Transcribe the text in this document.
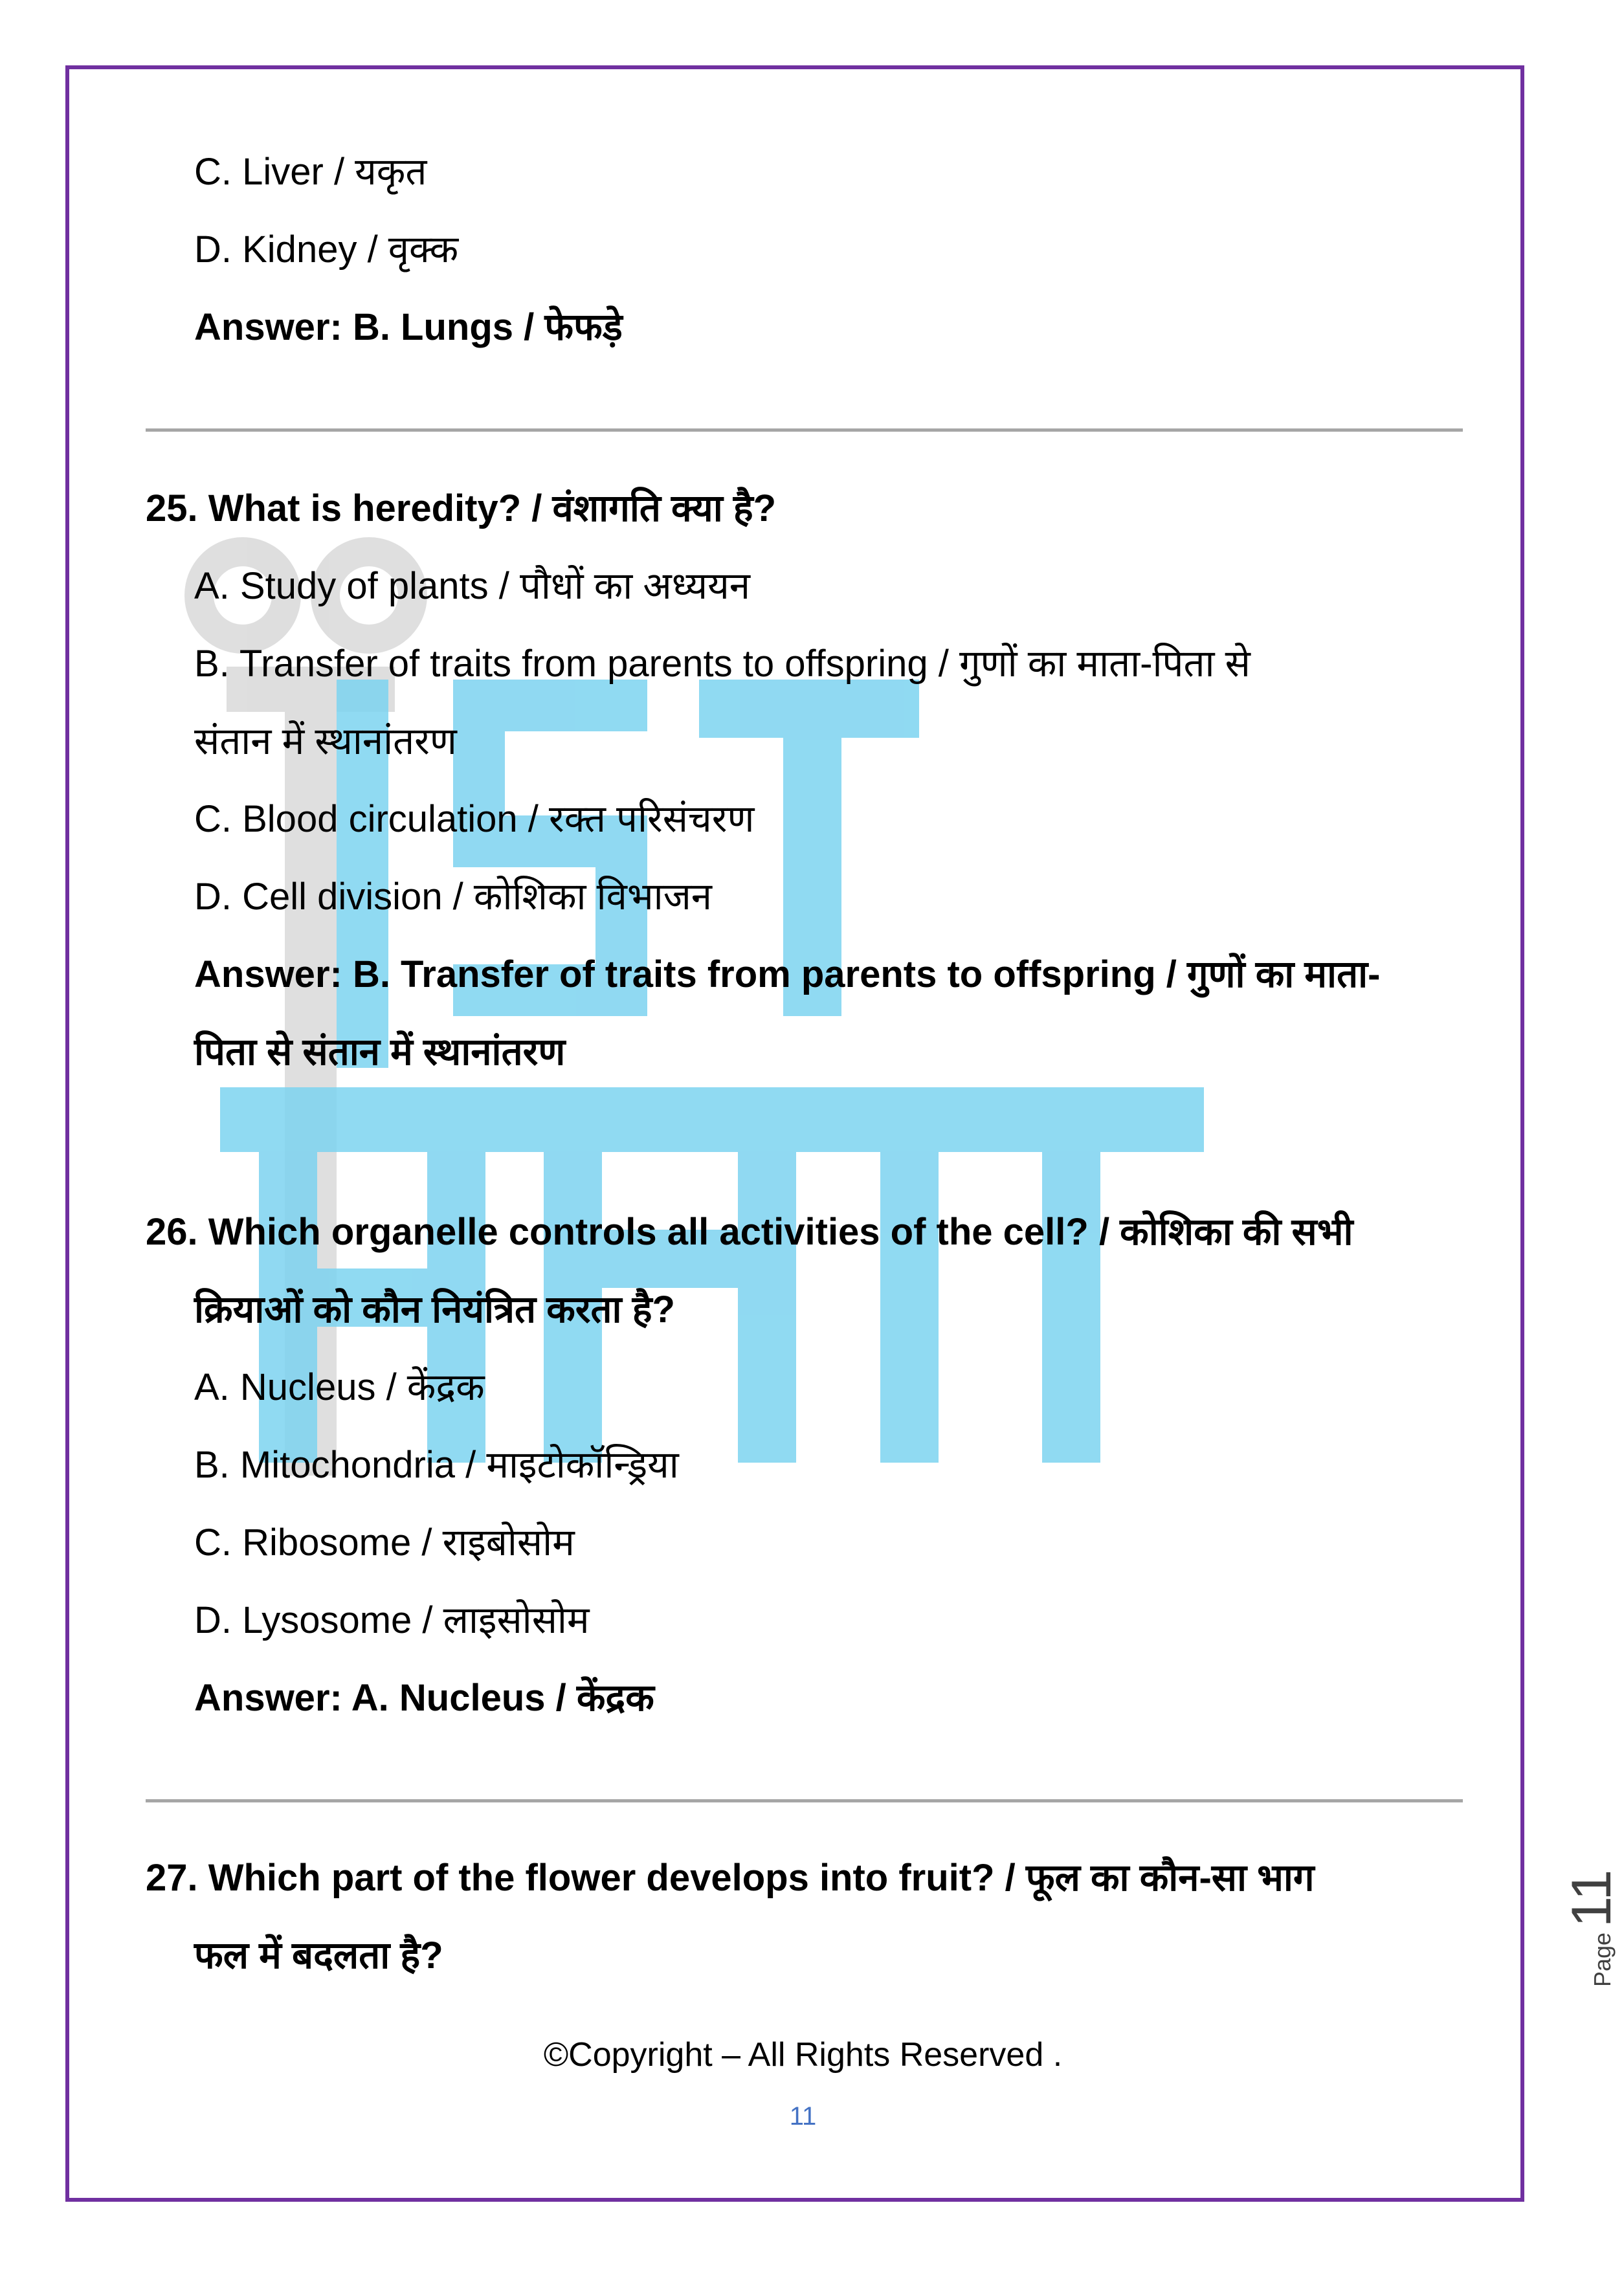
C. Liver / यकृत
D. Kidney / वृक्क
Answer: B. Lungs / फेफड़े
25. What is heredity? / वंशागति क्या है?
A. Study of plants / पौधों का अध्ययन
B. Transfer of traits from parents to offspring / गुणों का माता-पिता से
संतान में स्थानांतरण
C. Blood circulation / रक्त परिसंचरण
D. Cell division / कोशिका विभाजन
Answer: B. Transfer of traits from parents to offspring / गुणों का माता-
पिता से संतान में स्थानांतरण
26. Which organelle controls all activities of the cell? / कोशिका की सभी
क्रियाओं को कौन नियंत्रित करता है?
A. Nucleus / केंद्रक
B. Mitochondria / माइटोकॉन्ड्रिया
C. Ribosome / राइबोसोम
D. Lysosome / लाइसोसोम
Answer: A. Nucleus / केंद्रक
27. Which part of the flower develops into fruit? / फूल का कौन-सा भाग
फल में बदलता है?
©Copyright – All Rights Reserved .
11
Page11
